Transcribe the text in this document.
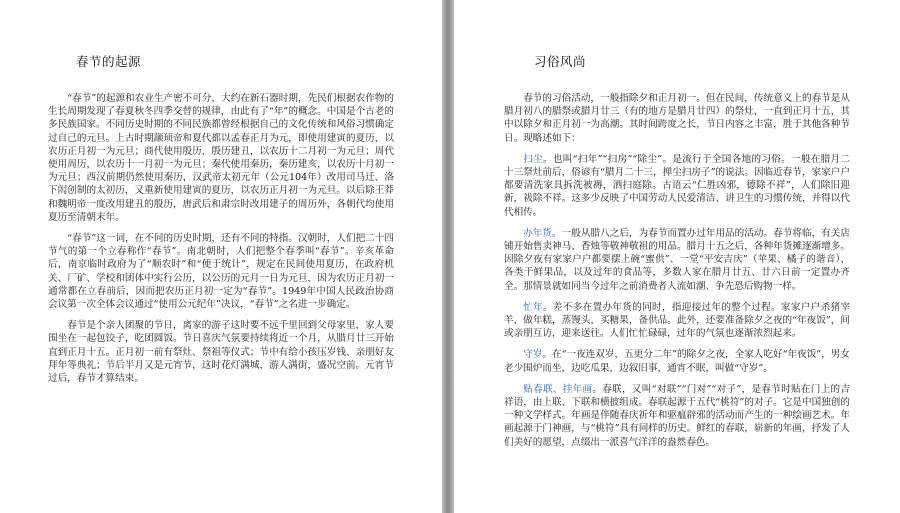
春节的起源

“春节”的起源和农业生产密不可分，大约在新石器时期，先民们根据农作物的生长周期发现了春夏秋冬四季交替的规律，由此有了“年”的概念。中国是个古老的多民族国家。不同历史时期的不同民族都曾经根据自己的文化传统和风俗习惯确定过自己的元旦。上古时期颛顼帝和夏代都以孟春正月为元，即使用建寅的夏历，以农历正月初一为元旦；商代使用殷历，殷历建丑，以农历十二月初一为元旦；周代使用周历，以农历十一月初一为元旦；秦代使用秦历，秦历建亥，以农历十月初一为元旦；西汉前期仍然使用秦历，汉武帝太初元年（公元104年）改用司马迁、洛下闳创制的太初历，又重新使用建寅的夏历，以农历正月初一为元旦。以后除王莽和魏明帝一度改用建丑的殷历，唐武后和肃宗时改用建子的周历外，各朝代均使用夏历至清朝末年。

“春节”这一词，在不同的历史时期，还有不同的特指。汉朝时，人们把二十四节气的第一个立春称作“春节”。南北朝时，人们把整个春季叫“春节”。辛亥革命后，南京临时政府为了“顺农时”和“便于统计”，规定在民间使用夏历，在政府机关、厂矿、学校和团体中实行公历，以公历的元月一日为元旦，因为农历正月初一通常都在立春前后，因而把农历正月初一定为“春节”。1949年中国人民政治协商会议第一次全体会议通过“使用公元纪年”决议，“春节”之名进一步确定。

春节是个亲人团聚的节日，离家的游子这时要不远千里回到父母家里，家人要围坐在一起包饺子，吃团圆饭。节日喜庆气氛要持续将近一个月，从腊月廿三开始直到正月十五。正月初一前有祭灶、祭祖等仪式；节中有给小孩压岁钱、亲朋好友拜年等典礼；节后半月又是元宵节，这时花灯满城，游人满街，盛况空前。元宵节过后，春节才算结束。

习俗风尚

春节的习俗活动，一般指除夕和正月初一。但在民间，传统意义上的春节是从腊月初八的腊祭或腊月廿三（有的地方是腊月廿四）的祭灶，一直到正月十五，其中以除夕和正月初一为高潮。其时间跨度之长，节日内容之丰富，胜于其他各种节日。现略述如下：

扫尘。也叫“扫年”“扫房”“除尘”。是流行于全国各地的习俗。一般在腊月二十三祭灶前后，俗谚有“腊月二十三，掸尘扫房子”的说法。因临近春节，家家户户都要清洗家具拆洗被褥，洒扫庭除。古语云“仁胜凶邪，德除不祥”，人们除旧迎新，祓除不祥。这多少反映了中国劳动人民爱清洁、讲卫生的习惯传统，并得以代代相传。

办年货。一般从腊八之后，为春节而置办过年用品的活动。春节将临，有关店铺开始售卖神马、香烛等敬神敬祖的用品。腊月十五之后，各种年货摊逐渐增多。因除夕夜有家家户户都要摆上碗“蜜供”、一堂“平安吉庆”（苹果、橘子的谐音）、各类干鲜果品，以及过年的食品等，多数人家在腊月廿五、廿六日前一定置办齐全。那情景就如同当今过年之前消费者人流如潮、争先恐后购物一样。

忙年。差不多在置办年货的同时，指迎接过年的整个过程。家家户户杀猪宰羊，做年糕，蒸馒头，买糖果，备供品。此外，还要准备除夕之夜的“年夜饭”，间或亲朋互访，迎来送往。人们忙忙碌碌，过年的气氛也逐渐浓烈起来。

守岁。在“一夜连双岁，五更分二年”的除夕之夜，全家人吃好“年夜饭”，男女老少围炉而坐，边吃瓜果，边叙旧事，通宵不眠，叫做“守岁”。

贴春联、挂年画。春联，又叫“对联”“门对”“对子”，是春节时贴在门上的吉祥语，由上联、下联和横披组成。春联起源于五代“桃符”的对子。它是中国独创的一种文学样式。年画是伴随春庆祈年和驱瘟辟邪的活动而产生的一种绘画艺术。年画起源于门神画，与“桃符”具有同样的历史。鲜红的春联，崭新的年画，抒发了人们美好的愿望，点缀出一派喜气洋洋的盎然春色。
